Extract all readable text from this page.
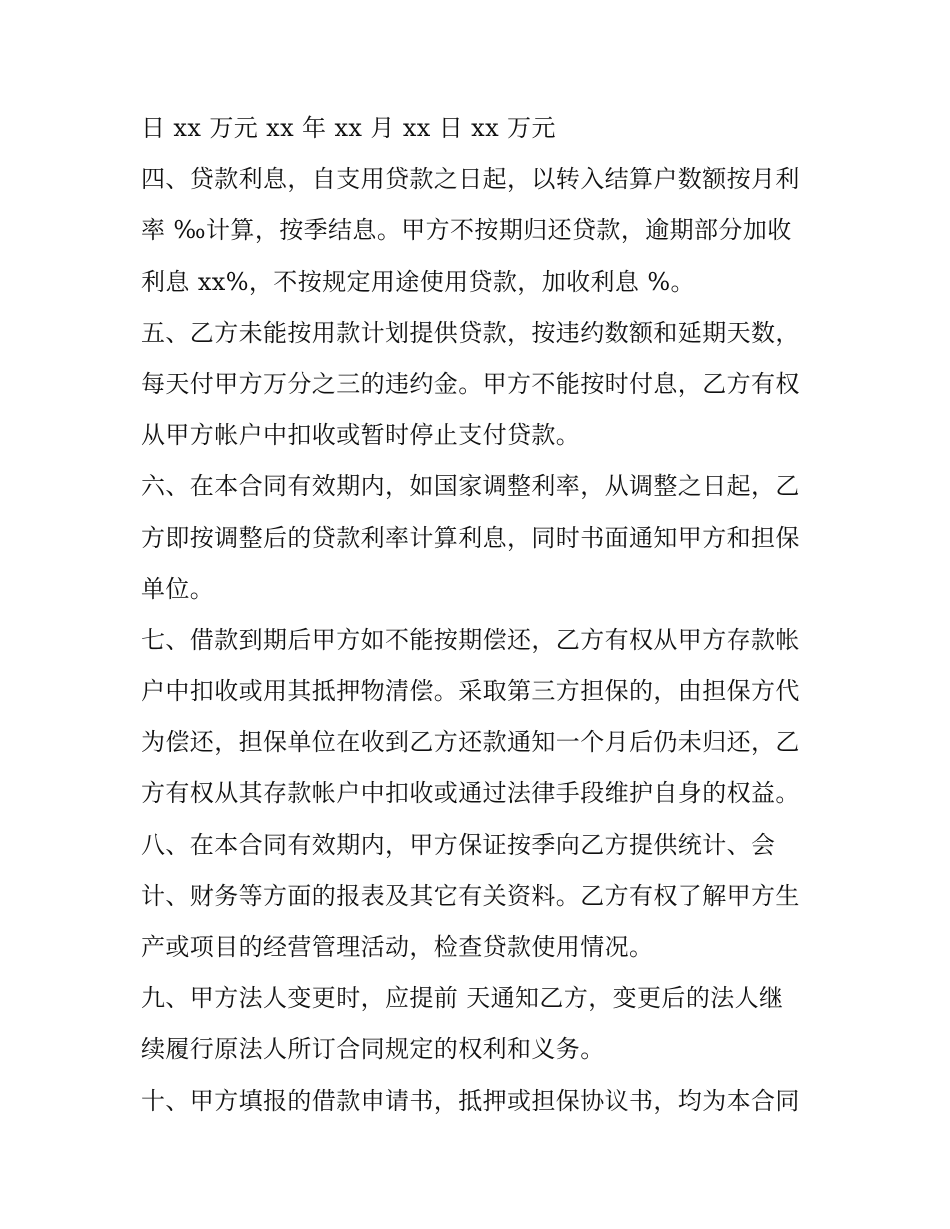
日 xx 万元 xx 年 xx 月 xx 日 xx 万元
四、贷款利息，自支用贷款之日起，以转入结算户数额按月利
率 ‰计算，按季结息。甲方不按期归还贷款，逾期部分加收
利息 xx%，不按规定用途使用贷款，加收利息 %。
五、乙方未能按用款计划提供贷款，按违约数额和延期天数，
每天付甲方万分之三的违约金。甲方不能按时付息，乙方有权
从甲方帐户中扣收或暂时停止支付贷款。
六、在本合同有效期内，如国家调整利率，从调整之日起，乙
方即按调整后的贷款利率计算利息，同时书面通知甲方和担保
单位。
七、借款到期后甲方如不能按期偿还，乙方有权从甲方存款帐
户中扣收或用其抵押物清偿。采取第三方担保的，由担保方代
为偿还，担保单位在收到乙方还款通知一个月后仍未归还，乙
方有权从其存款帐户中扣收或通过法律手段维护自身的权益。
八、在本合同有效期内，甲方保证按季向乙方提供统计、会
计、财务等方面的报表及其它有关资料。乙方有权了解甲方生
产或项目的经营管理活动，检查贷款使用情况。
九、甲方法人变更时，应提前 天通知乙方，变更后的法人继
续履行原法人所订合同规定的权利和义务。
十、甲方填报的借款申请书，抵押或担保协议书，均为本合同
